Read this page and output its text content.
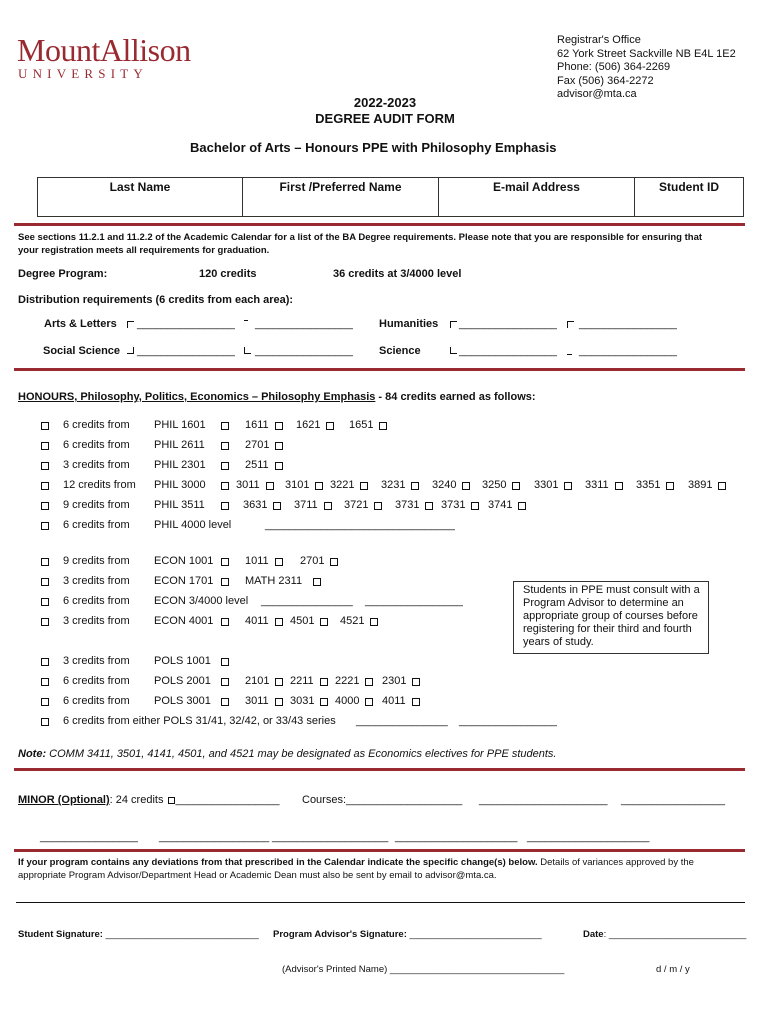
MountAllison
UNIVERSITY
Registrar's Office
62 York Street Sackville NB E4L 1E2
Phone: (506) 364-2269
Fax (506) 364-2272
advisor@mta.ca
2022-2023
DEGREE AUDIT FORM
Bachelor of Arts – Honours PPE with Philosophy Emphasis
Last Name	First /Preferred Name	E-mail Address	Student ID
See sections 11.2.1 and 11.2.2 of the Academic Calendar for a list of the BA Degree requirements. Please note that you are responsible for ensuring that
your registration meets all requirements for graduation.
Degree Program:	120 credits	36 credits at 3/4000 level
Distribution requirements (6 credits from each area):
Arts & Letters ________________ ________________ Humanities ________________ ________________
Social Science ________________ ________________ Science	________________ ________________
HONOURS, Philosophy, Politics, Economics – Philosophy Emphasis - 84 credits earned as follows:
6 credits from PHIL 1601	1611 1621	1651
6 credits from PHIL 2611	2701
3 credits from PHIL 2301	2511
12 credits from PHIL 3000	3011 3101 3221 3231 3240 3250	3301 3311 3351	3891
9 credits from PHIL 3511	3631 3711 3721 3731 3731 3741
6 credits from PHIL 4000 level	_______________ ________________
9 credits from ECON 1001	1011	2701
3 credits from ECON 1701	MATH 2311
6 credits from ECON 3/4000 level _______________ ________________
3 credits from ECON 4001	4011 4501 4521
3 credits from POLS 1001
6 credits from POLS 2001	2101 2211 2221 2301
6 credits from POLS 3001	3011 3031 4000 4011
6 credits from either POLS 31/41, 32/42, or 33/43 series _______________ ________________
Students in PPE must consult with a Program Advisor to determine an appropriate group of courses before registering for their third and fourth years of study.
Note: COMM 3411, 3501, 4141, 4501, and 4521 may be designated as Economics electives for PPE students.
MINOR (Optional): 24 credits _________________ Courses: ___________________ _____________________ _________________
________________ __________________ ___________________ ____________________ ____________________
If your program contains any deviations from that prescribed in the Calendar indicate the specific change(s) below. Details of variances approved by the
appropriate Program Advisor/Department Head or Academic Dean must also be sent by email to advisor@mta.ca.
Student Signature: _____________________________ Program Advisor's Signature: _________________________	Date: __________________________
(Advisor's Printed Name) _________________________________	d / m / y
